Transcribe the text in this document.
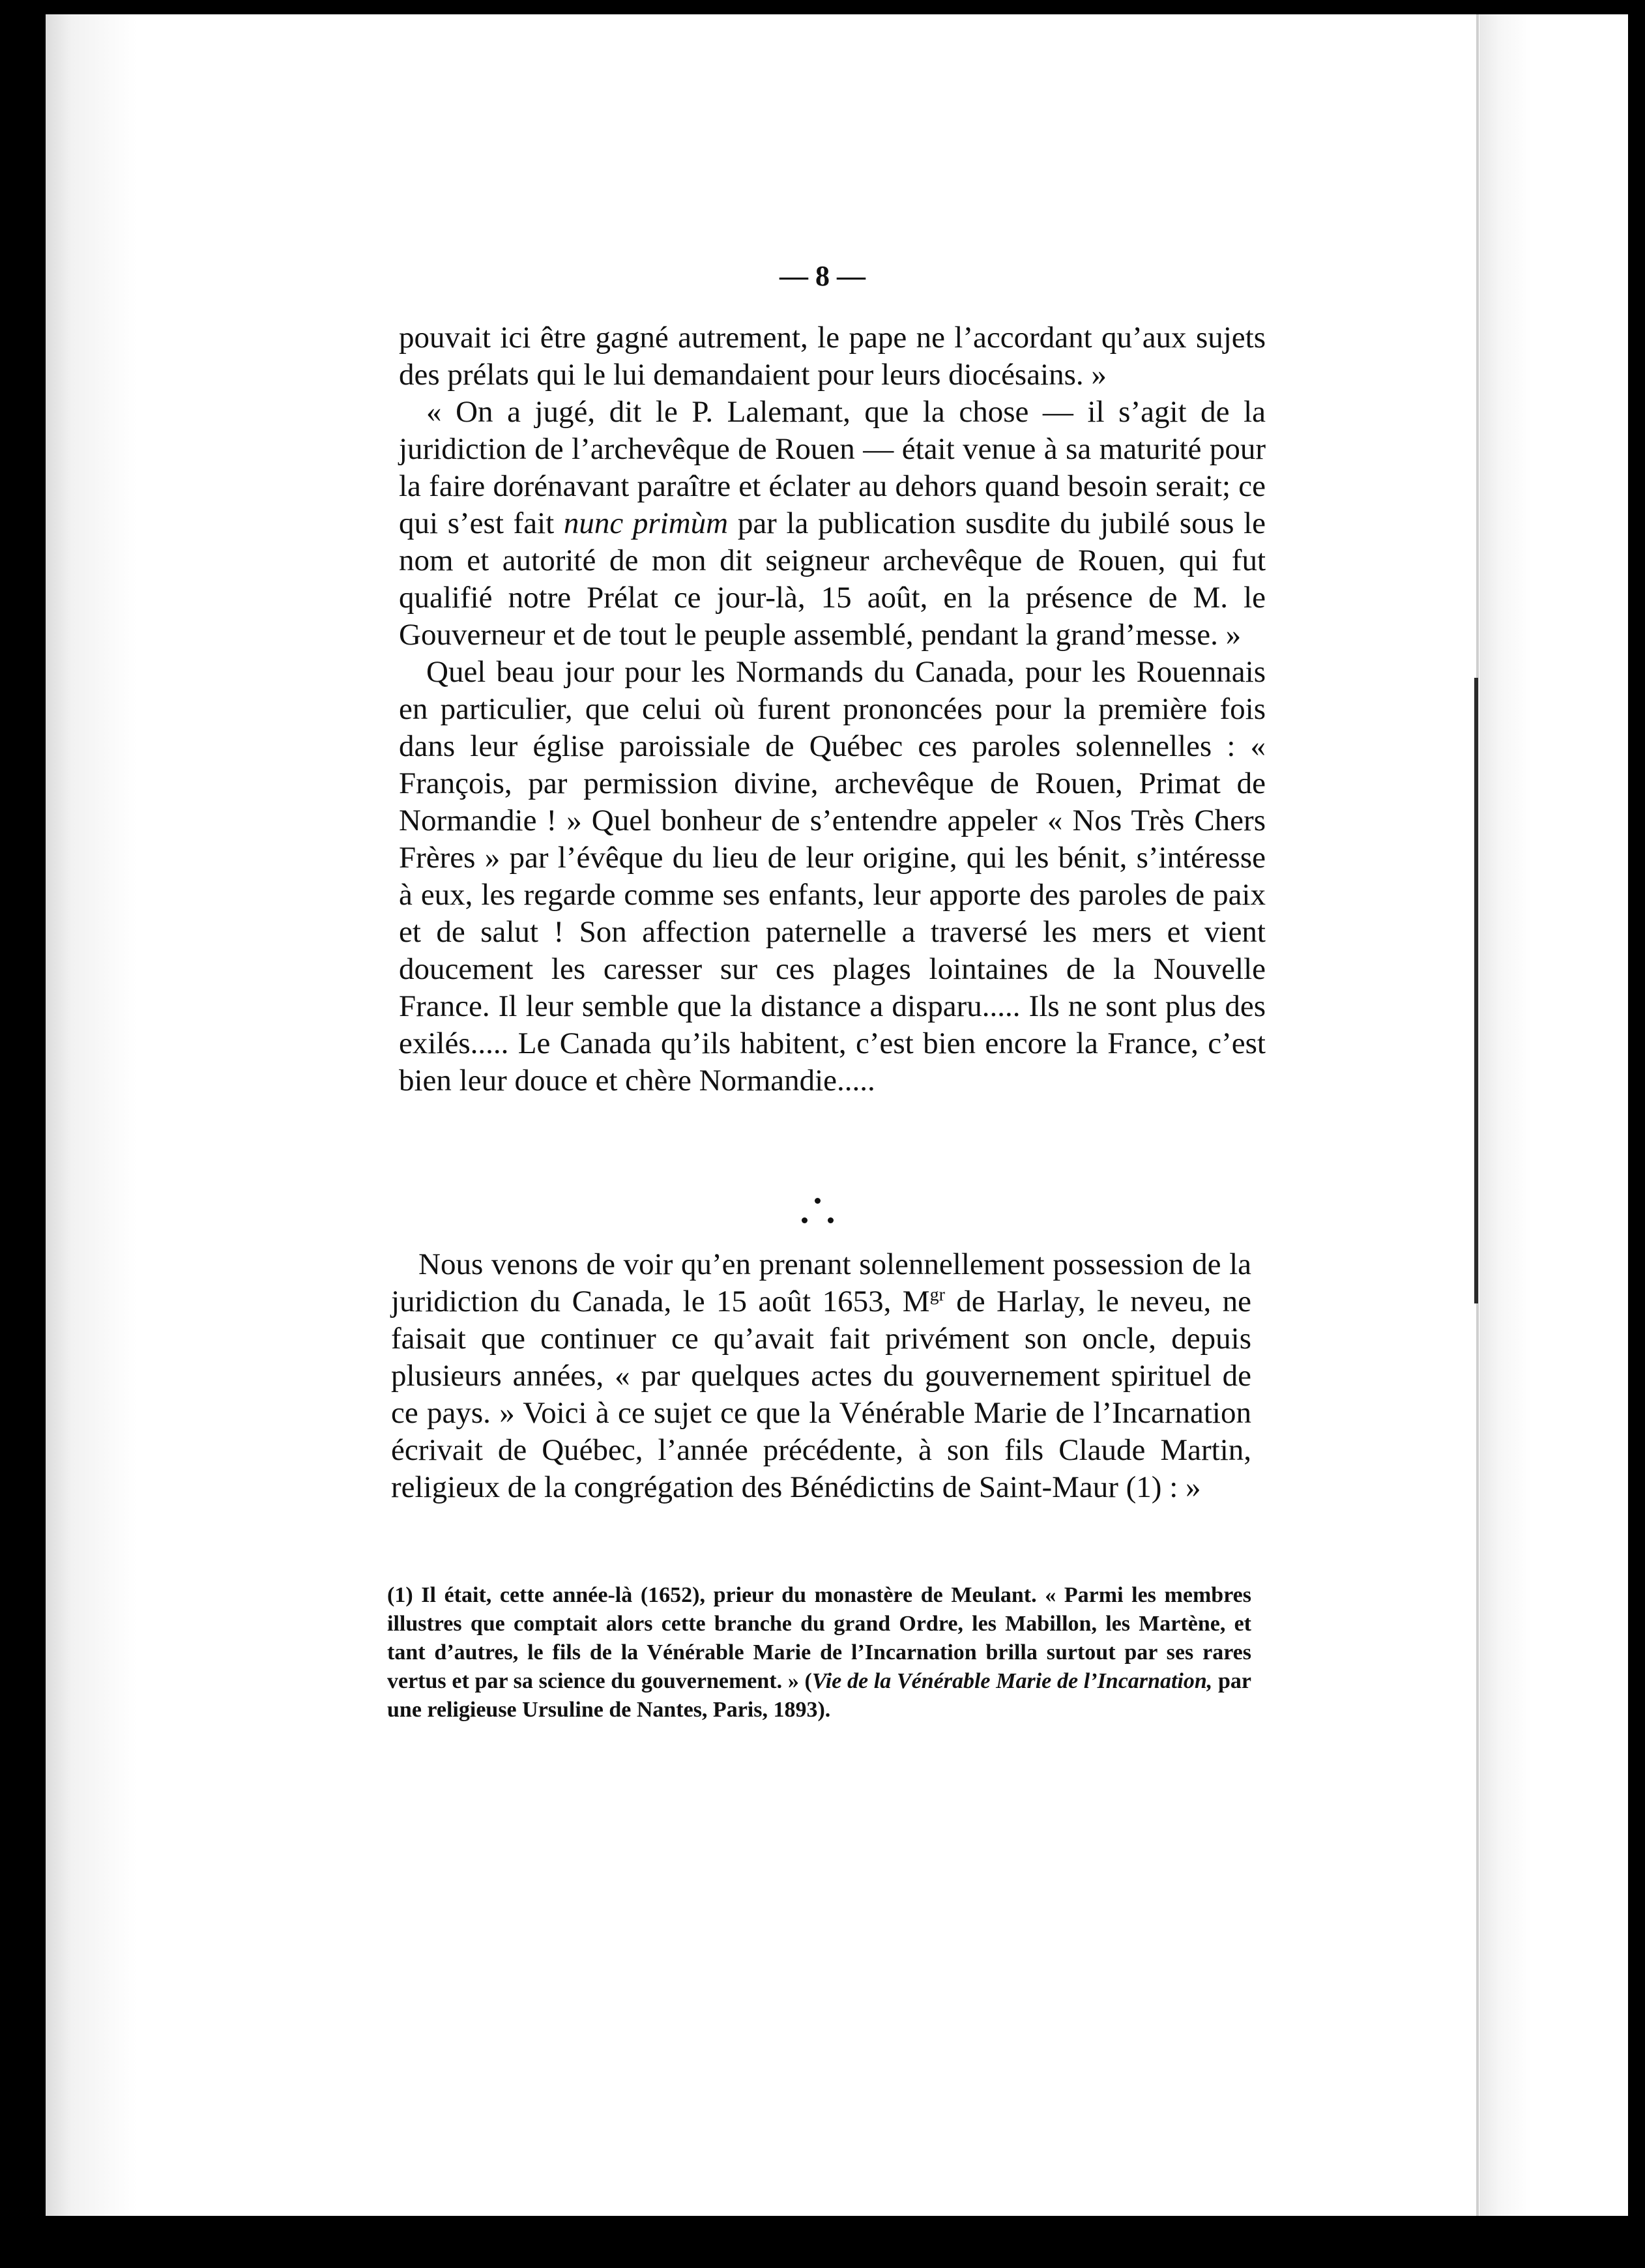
— 8 —

pouvait ici être gagné autrement, le pape ne l’accordant qu’aux sujets des prélats qui le lui demandaient pour leurs diocésains. »

« On a jugé, dit le P. Lalemant, que la chose — il s’agit de la juridiction de l’archevêque de Rouen — était venue à sa maturité pour la faire dorénavant paraître et éclater au dehors quand besoin serait; ce qui s’est fait nunc primùm par la publication susdite du jubilé sous le nom et autorité de mon dit seigneur archevêque de Rouen, qui fut qualifié notre Prélat ce jour-là, 15 août, en la présence de M. le Gouverneur et de tout le peuple assemblé, pendant la grand’messe. »

Quel beau jour pour les Normands du Canada, pour les Rouennais en particulier, que celui où furent prononcées pour la première fois dans leur église paroissiale de Québec ces paroles solennelles : « François, par permission divine, archevêque de Rouen, Primat de Normandie ! » Quel bonheur de s’entendre appeler « Nos Très Chers Frères » par l’évêque du lieu de leur origine, qui les bénit, s’intéresse à eux, les regarde comme ses enfants, leur apporte des paroles de paix et de salut ! Son affection paternelle a traversé les mers et vient doucement les caresser sur ces plages lointaines de la Nouvelle France. Il leur semble que la distance a disparu..... Ils ne sont plus des exilés..... Le Canada qu’ils habitent, c’est bien encore la France, c’est bien leur douce et chère Normandie.....

Nous venons de voir qu’en prenant solennellement possession de la juridiction du Canada, le 15 août 1653, $M^{gr}$ de Harlay, le neveu, ne faisait que continuer ce qu’avait fait privément son oncle, depuis plusieurs années, « par quelques actes du gouvernement spirituel de ce pays. » Voici à ce sujet ce que la Vénérable Marie de l’Incarnation écrivait de Québec, l’année précédente, à son fils Claude Martin, religieux de la congrégation des Bénédictins de Saint-Maur (1) : »

(1) Il était, cette année-là (1652), prieur du monastère de Meulant. « Parmi les membres illustres que comptait alors cette branche du grand Ordre, les Mabillon, les Martène, et tant d’autres, le fils de la Vénérable Marie de l’Incarnation brilla surtout par ses rares vertus et par sa science du gouvernement. » (Vie de la Vénérable Marie de l’Incarnation, par une religieuse Ursuline de Nantes, Paris, 1893).
